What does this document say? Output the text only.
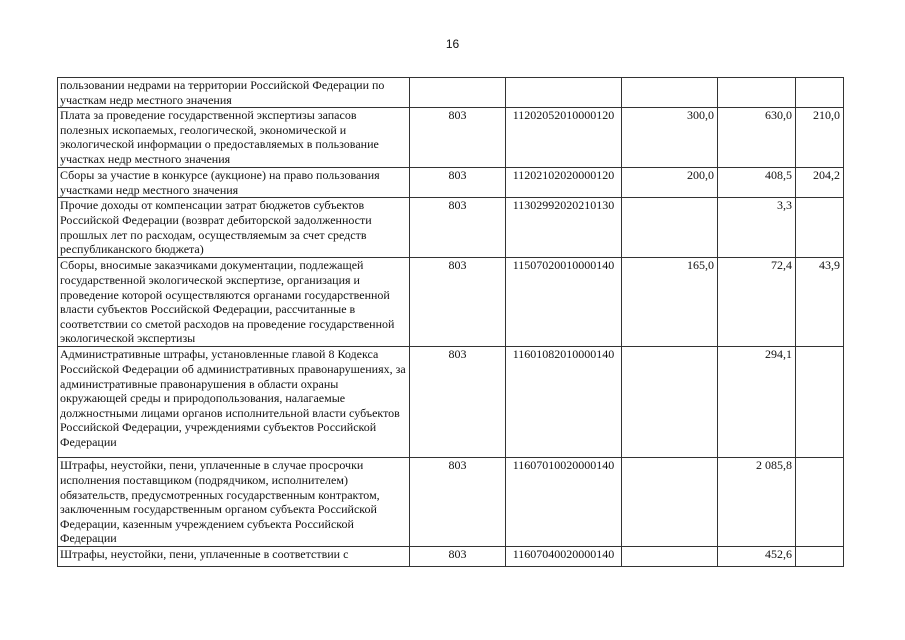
16
пользовании недрами на территории Российской Федерации по участкам недр местного значения					
Плата за проведение государственной экспертизы запасов полезных ископаемых, геологической, экономической и экологической информации о предоставляемых в пользование участках недр местного значения	803	11202052010000120	300,0	630,0	210,0
Сборы за участие в конкурсе (аукционе) на право пользования участками недр местного значения	803	11202102020000120	200,0	408,5	204,2
Прочие доходы от компенсации затрат бюджетов субъектов Российской Федерации (возврат дебиторской задолженности прошлых лет по расходам, осуществляемым за счет средств республиканского бюджета)	803	11302992020210130		3,3	
Сборы, вносимые заказчиками документации, подлежащей государственной экологической экспертизе, организация и проведение которой осуществляются органами государственной власти субъектов Российской Федерации, рассчитанные в соответствии со сметой расходов на проведение государственной экологической экспертизы	803	11507020010000140	165,0	72,4	43,9
Административные штрафы, установленные главой 8 Кодекса Российской Федерации об административных правонарушениях, за административные правонарушения в области охраны окружающей среды и природопользования, налагаемые должностными лицами органов исполнительной власти субъектов Российской Федерации, учреждениями субъектов Российской Федерации	803	11601082010000140		294,1	
Штрафы, неустойки, пени, уплаченные в случае просрочки исполнения поставщиком (подрядчиком, исполнителем) обязательств, предусмотренных государственным контрактом, заключенным государственным органом субъекта Российской Федерации, казенным учреждением субъекта Российской Федерации	803	11607010020000140		2 085,8	
Штрафы, неустойки, пени, уплаченные в соответствии с	803	11607040020000140		452,6	
